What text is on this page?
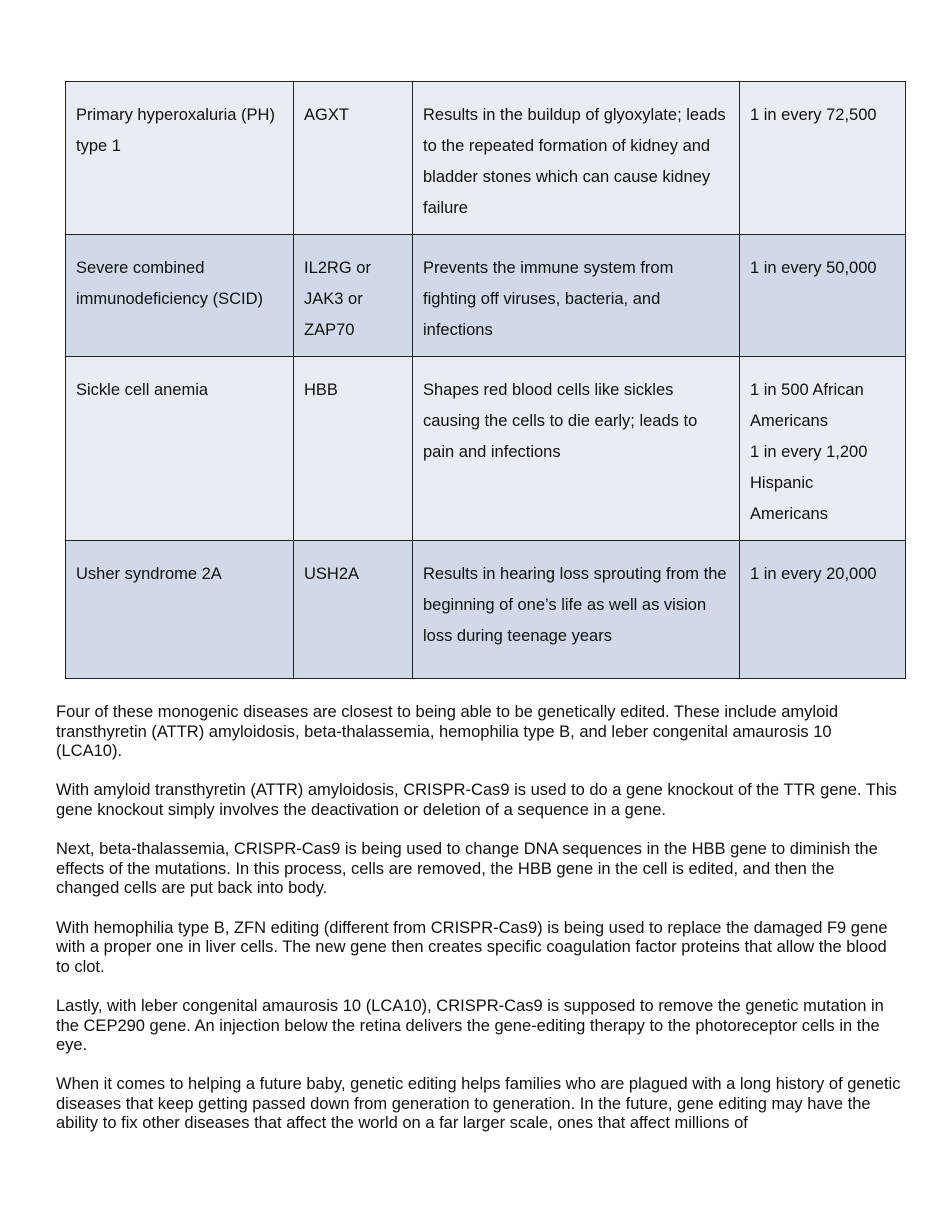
Primary hyperoxaluria (PH) type 1	AGXT	Results in the buildup of glyoxylate; leads to the repeated formation of kidney and bladder stones which can cause kidney failure	1 in every 72,500

Severe combined immunodeficiency (SCID)	IL2RG or JAK3 or ZAP70	Prevents the immune system from fighting off viruses, bacteria, and infections	1 in every 50,000

Sickle cell anemia	HBB	Shapes red blood cells like sickles causing the cells to die early; leads to pain and infections	1 in 500 African Americans
1 in every 1,200 Hispanic Americans

Usher syndrome 2A	USH2A	Results in hearing loss sprouting from the beginning of one’s life as well as vision loss during teenage years	1 in every 20,000

Four of these monogenic diseases are closest to being able to be genetically edited. These include amyloid transthyretin (ATTR) amyloidosis, beta-thalassemia, hemophilia type B, and leber congenital amaurosis 10 (LCA10).

With amyloid transthyretin (ATTR) amyloidosis, CRISPR-Cas9 is used to do a gene knockout of the TTR gene. This gene knockout simply involves the deactivation or deletion of a sequence in a gene.

Next, beta-thalassemia, CRISPR-Cas9 is being used to change DNA sequences in the HBB gene to diminish the effects of the mutations. In this process, cells are removed, the HBB gene in the cell is edited, and then the changed cells are put back into body.

With hemophilia type B, ZFN editing (different from CRISPR-Cas9) is being used to replace the damaged F9 gene with a proper one in liver cells. The new gene then creates specific coagulation factor proteins that allow the blood to clot.

Lastly, with leber congenital amaurosis 10 (LCA10), CRISPR-Cas9 is supposed to remove the genetic mutation in the CEP290 gene. An injection below the retina delivers the gene-editing therapy to the photoreceptor cells in the eye.

When it comes to helping a future baby, genetic editing helps families who are plagued with a long history of genetic diseases that keep getting passed down from generation to generation. In the future, gene editing may have the ability to fix other diseases that affect the world on a far larger scale, ones that affect millions of
